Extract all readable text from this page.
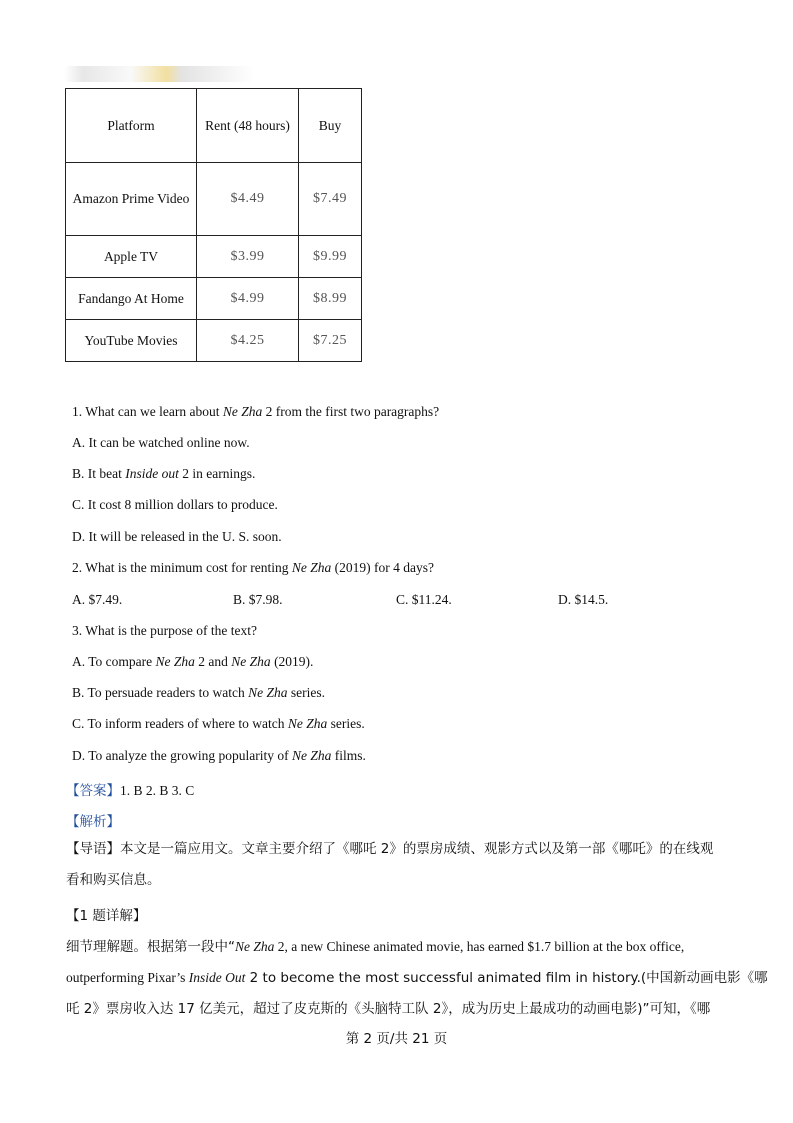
Platform	Rent (48 hours)	Buy
Amazon Prime Video	$4.49	$7.49
Apple TV	$3.99	$9.99
Fandango At Home	$4.99	$8.99
YouTube Movies	$4.25	$7.25
1. What can we learn about Ne Zha 2 from the first two paragraphs?
A. It can be watched online now.
B. It beat Inside out 2 in earnings.
C. It cost 8 million dollars to produce.
D. It will be released in the U. S. soon.
2. What is the minimum cost for renting Ne Zha (2019) for 4 days?
A. $7.49.	B. $7.98.	C. $11.24.	D. $14.5.
3. What is the purpose of the text?
A. To compare Ne Zha 2 and Ne Zha (2019).
B. To persuade readers to watch Ne Zha series.
C. To inform readers of where to watch Ne Zha series.
D. To analyze the growing popularity of Ne Zha films.
【答案】1. B 2. B 3. C
【解析】
【导语】本文是一篇应用文。文章主要介绍了《哪吒 2》的票房成绩、观影方式以及第一部《哪吒》的在线观看和购买信息。
【1 题详解】
细节理解题。根据第一段中“Ne Zha 2, a new Chinese animated movie, has earned $1.7 billion at the box office,
outperforming Pixar’s Inside Out 2 to become the most successful animated film in history.(中国新动画电影《哪
吒 2》票房收入达 17 亿美元，超过了皮克斯的《头脑特工队 2》，成为历史上最成功的动画电影)”可知，《哪
第 2 页/共 21 页
